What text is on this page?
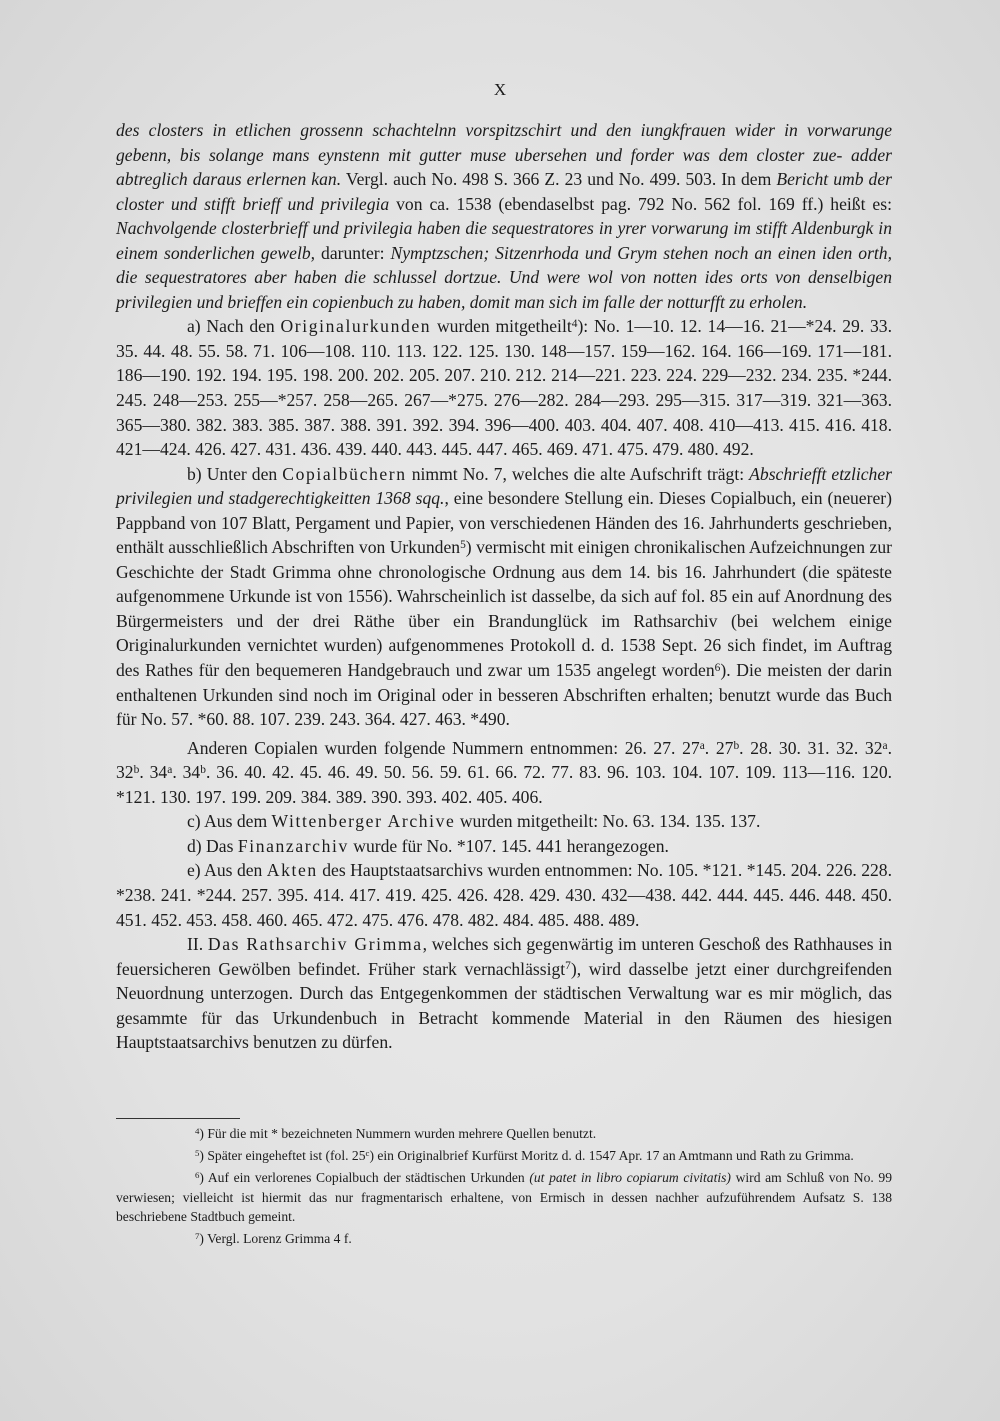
X

des closters in etlichen grossenn schachtelnn vorspitzschirt und den iungkfrauen wider in vorwarunge gebenn, bis solange mans eynstenn mit gutter muse ubersehen und forder was dem closter zue- adder abtreglich daraus erlernen kan. Vergl. auch No. 498 S. 366 Z. 23 und No. 499. 503. In dem Bericht umb der closter und stifft brieff und privilegia von ca. 1538 (ebendaselbst pag. 792 No. 562 fol. 169 ff.) heißt es: Nachvolgende closterbrieff und privilegia haben die sequestratores in yrer vorwarung im stifft Aldenburgk in einem sonderlichen gewelb, darunter: Nymptzschen; Sitzenrhoda und Grym stehen noch an einen iden orth, die sequestratores aber haben die schlussel dortzue. Und were wol von notten ides orts von denselbigen privilegien und brieffen ein copienbuch zu haben, domit man sich im falle der notturfft zu erholen.

a) Nach den Originalurkunden wurden mitgetheilt$^4$): No. 1—10. 12. 14—16. 21—*24. 29. 33. 35. 44. 48. 55. 58. 71. 106—108. 110. 113. 122. 125. 130. 148—157. 159—162. 164. 166—169. 171—181. 186—190. 192. 194. 195. 198. 200. 202. 205. 207. 210. 212. 214—221. 223. 224. 229—232. 234. 235. *244. 245. 248—253. 255—*257. 258—265. 267—*275. 276—282. 284—293. 295—315. 317—319. 321—363. 365—380. 382. 383. 385. 387. 388. 391. 392. 394. 396—400. 403. 404. 407. 408. 410—413. 415. 416. 418. 421—424. 426. 427. 431. 436. 439. 440. 443. 445. 447. 465. 469. 471. 475. 479. 480. 492.

b) Unter den Copialbüchern nimmt No. 7, welches die alte Aufschrift trägt: Abschriefft etzlicher privilegien und stadgerechtigkeitten 1368 sqq., eine besondere Stellung ein. Dieses Copialbuch, ein (neuerer) Pappband von 107 Blatt, Pergament und Papier, von verschiedenen Händen des 16. Jahrhunderts geschrieben, enthält ausschließlich Abschriften von Urkunden$^5$) vermischt mit einigen chronikalischen Aufzeichnungen zur Geschichte der Stadt Grimma ohne chronologische Ordnung aus dem 14. bis 16. Jahrhundert (die späteste aufgenommene Urkunde ist von 1556). Wahrscheinlich ist dasselbe, da sich auf fol. 85 ein auf Anordnung des Bürgermeisters und der drei Räthe über ein Brandunglück im Rathsarchiv (bei welchem einige Originalurkunden vernichtet wurden) aufgenommenes Protokoll d. d. 1538 Sept. 26 sich findet, im Auftrag des Rathes für den bequemeren Handgebrauch und zwar um 1535 angelegt worden$^6$). Die meisten der darin enthaltenen Urkunden sind noch im Original oder in besseren Abschriften erhalten; benutzt wurde das Buch für No. 57. *60. 88. 107. 239. 243. 364. 427. 463. *490.

Anderen Copialen wurden folgende Nummern entnommen: 26. 27. 27$^a$. 27$^b$. 28. 30. 31. 32. 32$^a$. 32$^b$. 34$^a$. 34$^b$. 36. 40. 42. 45. 46. 49. 50. 56. 59. 61. 66. 72. 77. 83. 96. 103. 104. 107. 109. 113—116. 120. *121. 130. 197. 199. 209. 384. 389. 390. 393. 402. 405. 406.

c) Aus dem Wittenberger Archive wurden mitgetheilt: No. 63. 134. 135. 137.

d) Das Finanzarchiv wurde für No. *107. 145. 441 herangezogen.

e) Aus den Akten des Hauptstaatsarchivs wurden entnommen: No. 105. *121. *145. 204. 226. 228. *238. 241. *244. 257. 395. 414. 417. 419. 425. 426. 428. 429. 430. 432—438. 442. 444. 445. 446. 448. 450. 451. 452. 453. 458. 460. 465. 472. 475. 476. 478. 482. 484. 485. 488. 489.

II. Das Rathsarchiv Grimma, welches sich gegenwärtig im unteren Geschoß des Rathhauses in feuersicheren Gewölben befindet. Früher stark vernachlässigt$^7$), wird dasselbe jetzt einer durchgreifenden Neuordnung unterzogen. Durch das Entgegenkommen der städtischen Verwaltung war es mir möglich, das gesammte für das Urkundenbuch in Betracht kommende Material in den Räumen des hiesigen Hauptstaatsarchivs benutzen zu dürfen.

$^4$) Für die mit * bezeichneten Nummern wurden mehrere Quellen benutzt.

$^5$) Später eingeheftet ist (fol. 25$^c$) ein Originalbrief Kurfürst Moritz d. d. 1547 Apr. 17 an Amtmann und Rath zu Grimma.

$^6$) Auf ein verlorenes Copialbuch der städtischen Urkunden (ut patet in libro copiarum civitatis) wird am Schluß von No. 99 verwiesen; vielleicht ist hiermit das nur fragmentarisch erhaltene, von Ermisch in dessen nachher aufzuführendem Aufsatz S. 138 beschriebene Stadtbuch gemeint.

$^7$) Vergl. Lorenz Grimma 4 f.
